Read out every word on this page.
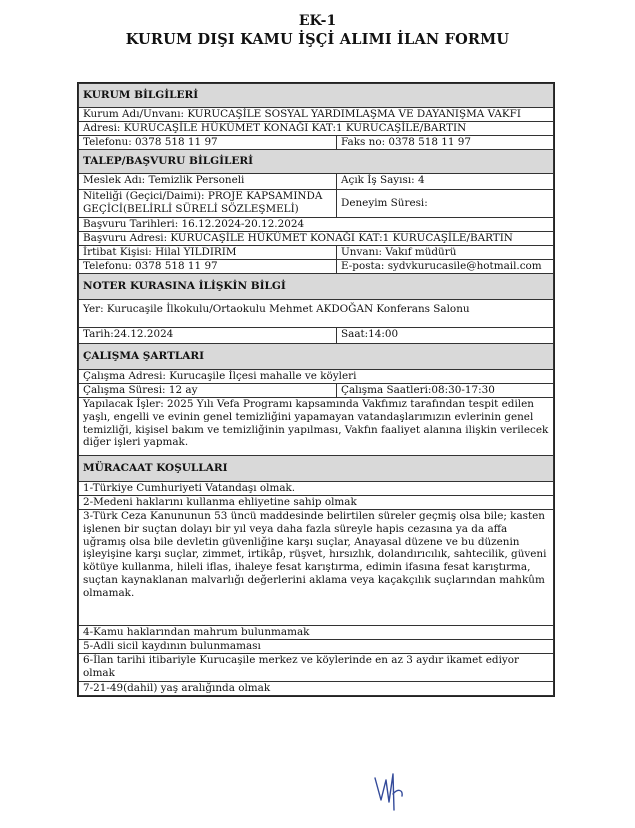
EK-1
KURUM DIŞI KAMU İŞÇİ ALIMI İLAN FORMU
KURUM BİLGİLERİ	
Kurum Adı/Unvanı: KURUCAŞİLE SOSYAL YARDIMLAŞMA VE DAYANIŞMA VAKFI	
Adresi: KURUCAŞİLE HÜKÜMET KONAĞI KAT:1 KURUCAŞİLE/BARTIN	
Telefonu: 0378 518 11 97	Faks no: 0378 518 11 97
TALEP/BAŞVURU BİLGİLERİ	
Meslek Adı: Temizlik Personeli	Açık İş Sayısı: 4

Niteliği (Geçici/Daimi): PROJE KAPSAMINDA
GEÇİCİ(BELİRLİ SÜRELİ SÖZLEŞMELİ)	Deneyim Süresi:
Başvuru Tarihleri: 16.12.2024-20.12.2024	
Başvuru Adresi: KURUCAŞİLE HÜKÜMET KONAĞI KAT:1 KURUCAŞİLE/BARTIN	
İrtibat Kişisi: Hilal YILDIRIM	Unvanı: Vakıf müdürü
Telefonu: 0378 518 11 97	E-posta: sydvkurucasile@hotmail.com
NOTER KURASINA İLİŞKİN BİLGİ	
Yer: Kurucaşile İlkokulu/Ortaokulu Mehmet AKDOĞAN Konferans Salonu	
Tarih:24.12.2024	Saat:14:00
ÇALIŞMA ŞARTLARI	
Çalışma Adresi: Kurucaşile İlçesi mahalle ve köyleri	
Çalışma Süresi: 12 ay	Çalışma Saatleri:08:30-17:30
Yapılacak İşler: 2025 Yılı Vefa Programı kapsamında Vakfımız tarafından tespit edilen yaşlı, engelli ve evinin genel temizliğini yapamayan vatandaşlarımızın evlerinin genel temizliği, kişisel bakım ve temizliğinin yapılması, Vakfın faaliyet alanına ilişkin verilecek diğer işleri yapmak.	
MÜRACAAT KOŞULLARI	
1-Türkiye Cumhuriyeti Vatandaşı olmak.	
2-Medeni haklarını kullanma ehliyetine sahip olmak	
3-Türk Ceza Kanununun 53 üncü maddesinde belirtilen süreler geçmiş olsa bile; kasten işlenen bir suçtan dolayı bir yıl veya daha fazla süreyle hapis cezasına ya da affa uğramış olsa bile devletin güvenliğine karşı suçlar, Anayasal düzene ve bu düzenin işleyişine karşı suçlar, zimmet, irtikâp, rüşvet, hırsızlık, dolandırıcılık, sahtecilik, güveni kötüye kullanma, hileli iflas, ihaleye fesat karıştırma, edimin ifasına fesat karıştırma, suçtan kaynaklanan malvarlığı değerlerini aklama veya kaçakçılık suçlarından mahkûm olmamak.	
4-Kamu haklarından mahrum bulunmamak	
5-Adli sicil kaydının bulunmaması	
6-İlan tarihi itibariyle Kurucaşile merkez ve köylerinde en az 3 aydır ikamet ediyor olmak	
7-21-49(dahil) yaş aralığında olmak	
